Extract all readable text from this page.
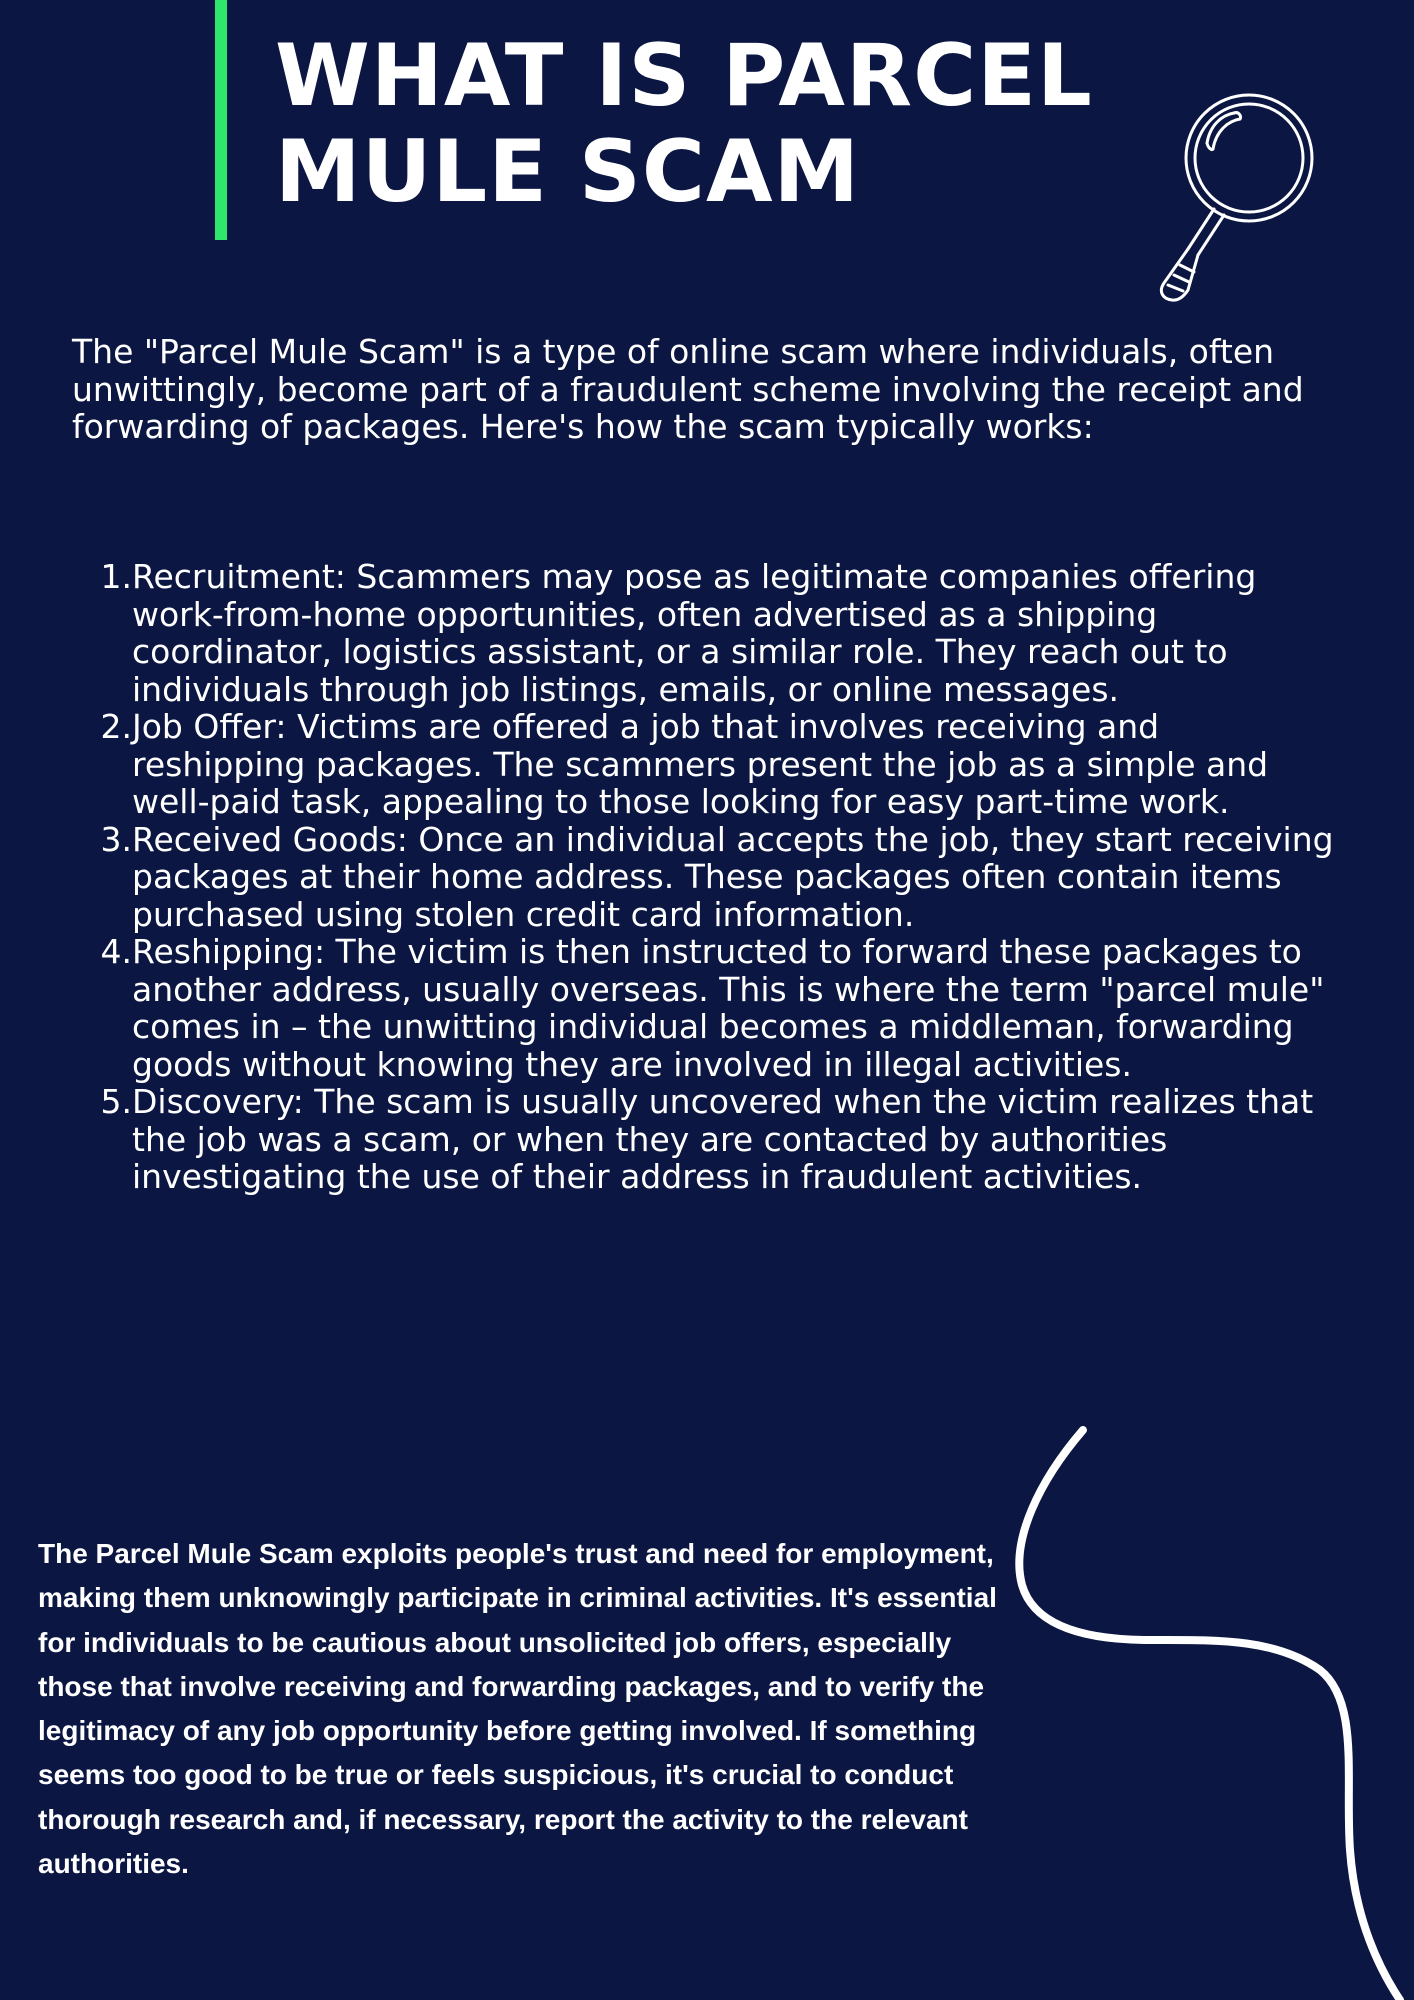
WHAT IS PARCEL
MULE SCAM

The "Parcel Mule Scam" is a type of online scam where individuals, often unwittingly, become part of a fraudulent scheme involving the receipt and forwarding of packages. Here's how the scam typically works:

1. Recruitment: Scammers may pose as legitimate companies offering work-from-home opportunities, often advertised as a shipping coordinator, logistics assistant, or a similar role. They reach out to individuals through job listings, emails, or online messages.
2. Job Offer: Victims are offered a job that involves receiving and reshipping packages. The scammers present the job as a simple and well-paid task, appealing to those looking for easy part-time work.
3. Received Goods: Once an individual accepts the job, they start receiving packages at their home address. These packages often contain items purchased using stolen credit card information.
4. Reshipping: The victim is then instructed to forward these packages to another address, usually overseas. This is where the term "parcel mule" comes in – the unwitting individual becomes a middleman, forwarding goods without knowing they are involved in illegal activities.
5. Discovery: The scam is usually uncovered when the victim realizes that the job was a scam, or when they are contacted by authorities investigating the use of their address in fraudulent activities.

The Parcel Mule Scam exploits people's trust and need for employment, making them unknowingly participate in criminal activities. It's essential for individuals to be cautious about unsolicited job offers, especially those that involve receiving and forwarding packages, and to verify the legitimacy of any job opportunity before getting involved. If something seems too good to be true or feels suspicious, it's crucial to conduct thorough research and, if necessary, report the activity to the relevant authorities.
